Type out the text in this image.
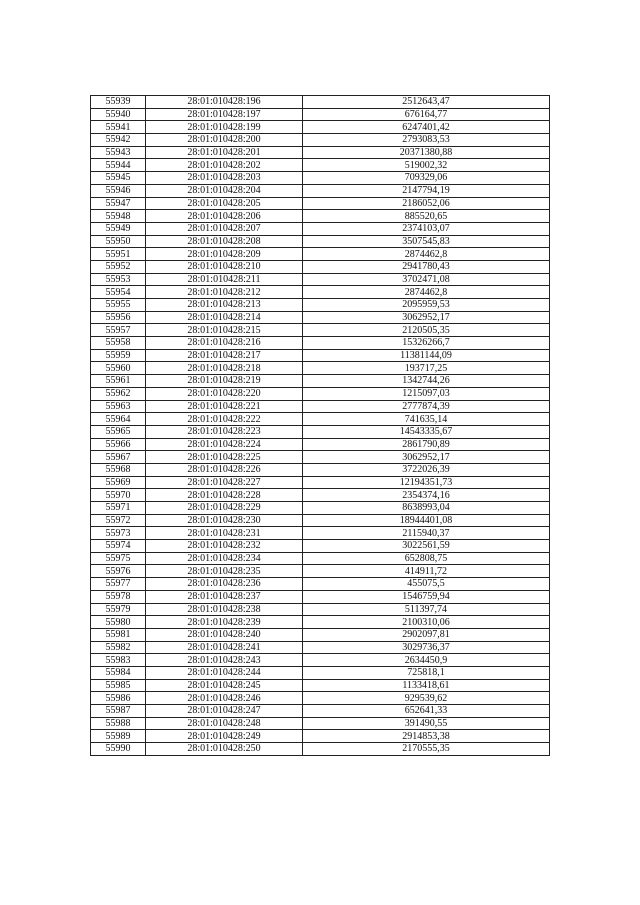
55939	28:01:010428:196	2512643,47
55940	28:01:010428:197	676164,77
55941	28:01:010428:199	6247401,42
55942	28:01:010428:200	2793083,53
55943	28:01:010428:201	20371380,88
55944	28:01:010428:202	519002,32
55945	28:01:010428:203	709329,06
55946	28:01:010428:204	2147794,19
55947	28:01:010428:205	2186052,06
55948	28:01:010428:206	885520,65
55949	28:01:010428:207	2374103,07
55950	28:01:010428:208	3507545,83
55951	28:01:010428:209	2874462,8
55952	28:01:010428:210	2941780,43
55953	28:01:010428:211	3702471,08
55954	28:01:010428:212	2874462,8
55955	28:01:010428:213	2095959,53
55956	28:01:010428:214	3062952,17
55957	28:01:010428:215	2120505,35
55958	28:01:010428:216	15326266,7
55959	28:01:010428:217	11381144,09
55960	28:01:010428:218	193717,25
55961	28:01:010428:219	1342744,26
55962	28:01:010428:220	1215097,03
55963	28:01:010428:221	2777874,39
55964	28:01:010428:222	741635,14
55965	28:01:010428:223	14543335,67
55966	28:01:010428:224	2861790,89
55967	28:01:010428:225	3062952,17
55968	28:01:010428:226	3722026,39
55969	28:01:010428:227	12194351,73
55970	28:01:010428:228	2354374,16
55971	28:01:010428:229	8638993,04
55972	28:01:010428:230	18944401,08
55973	28:01:010428:231	2115940,37
55974	28:01:010428:232	3022561,59
55975	28:01:010428:234	652808,75
55976	28:01:010428:235	414911,72
55977	28:01:010428:236	455075,5
55978	28:01:010428:237	1546759,94
55979	28:01:010428:238	511397,74
55980	28:01:010428:239	2100310,06
55981	28:01:010428:240	2902097,81
55982	28:01:010428:241	3029736,37
55983	28:01:010428:243	2634450,9
55984	28:01:010428:244	725818,1
55985	28:01:010428:245	1133418,61
55986	28:01:010428:246	929539,62
55987	28:01:010428:247	652641,33
55988	28:01:010428:248	391490,55
55989	28:01:010428:249	2914853,38
55990	28:01:010428:250	2170555,35
